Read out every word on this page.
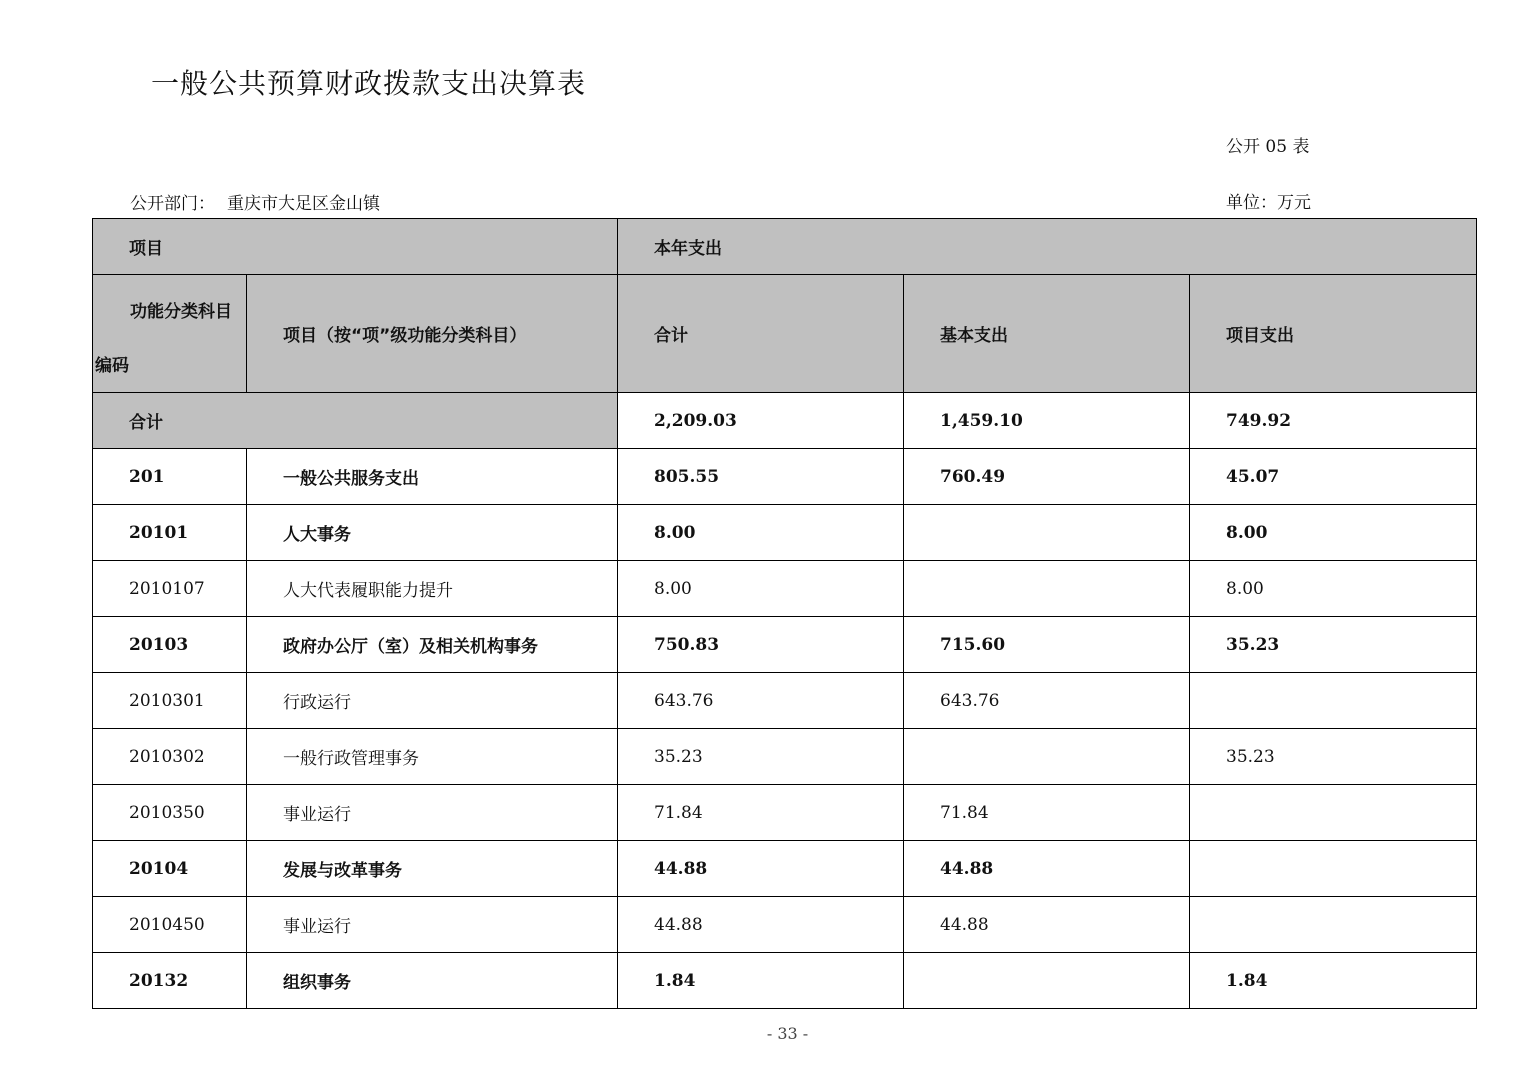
一般公共预算财政拨款支出决算表
公开 05 表
公开部门： 重庆市大足区金山镇	单位：万元
项目		本年支出		

功能分类科目
编码	项目（按“项”级功能分类科目）	合计	基本支出	项目支出
合计		2,209.03	1,459.10	749.92
201	一般公共服务支出	805.55	760.49	45.07
20101	人大事务	8.00		8.00
2010107	人大代表履职能力提升	8.00		8.00
20103	政府办公厅（室）及相关机构事务	750.83	715.60	35.23
2010301	行政运行	643.76	643.76	
2010302	一般行政管理事务	35.23		35.23
2010350	事业运行	71.84	71.84	
20104	发展与改革事务	44.88	44.88	
2010450	事业运行	44.88	44.88	
20132	组织事务	1.84		1.84
- 33 -
